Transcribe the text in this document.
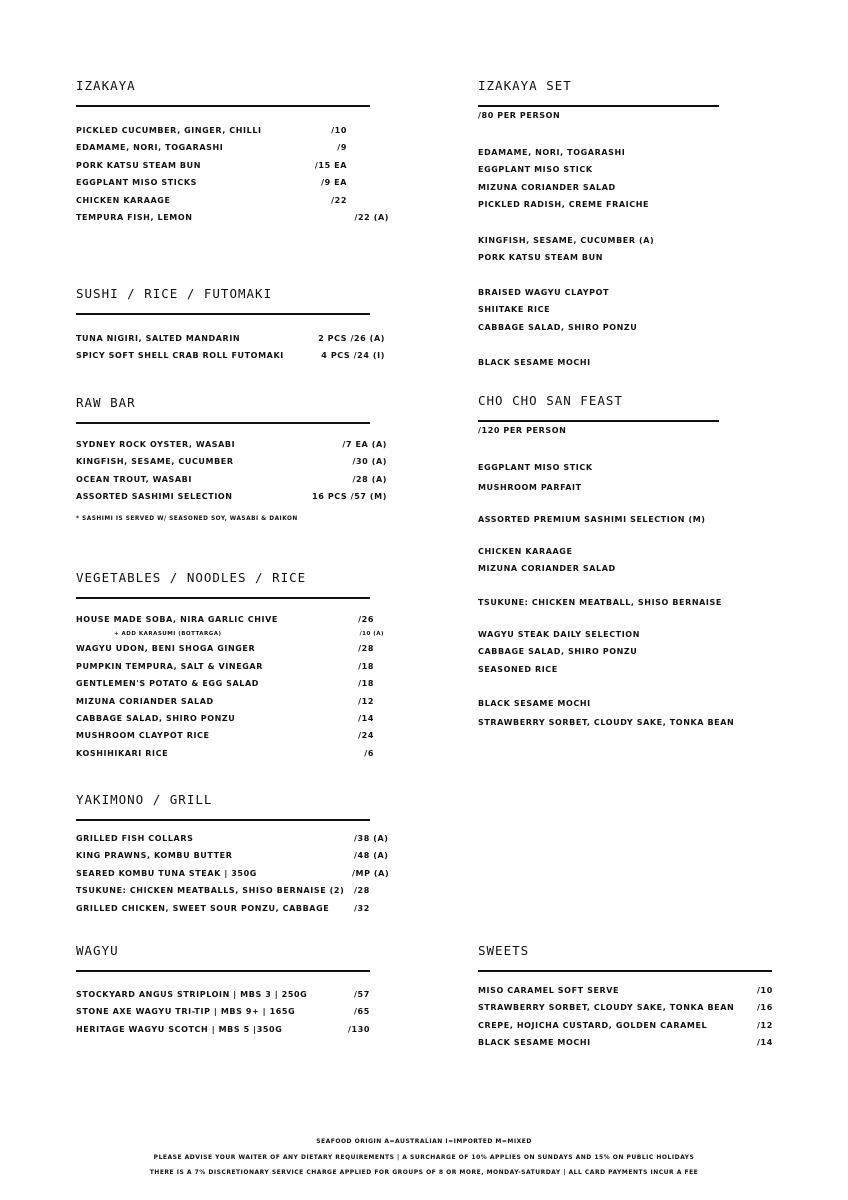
IZAKAYA
PICKLED CUCUMBER, GINGER, CHILLI	/10
EDAMAME, NORI, TOGARASHI	/9
PORK KATSU STEAM BUN	/15 EA
EGGPLANT MISO STICKS	/9 EA
CHICKEN KARAAGE	/22
TEMPURA FISH, LEMON	/22 (A)
SUSHI / RICE / FUTOMAKI
TUNA NIGIRI, SALTED MANDARIN	2 PCS /26 (A)
SPICY SOFT SHELL CRAB ROLL FUTOMAKI	4 PCS /24 (I)
RAW BAR
SYDNEY ROCK OYSTER, WASABI	/7 EA (A)
KINGFISH, SESAME, CUCUMBER	/30 (A)
OCEAN TROUT, WASABI	/28 (A)
ASSORTED SASHIMI SELECTION	16 PCS /57 (M)
* SASHIMI IS SERVED W/ SEASONED SOY, WASABI & DAIKON
VEGETABLES / NOODLES / RICE
HOUSE MADE SOBA, NIRA GARLIC CHIVE	/26
+ ADD KARASUMI (BOTTARGA)	/10 (A)
WAGYU UDON, BENI SHOGA GINGER	/28
PUMPKIN TEMPURA, SALT & VINEGAR	/18
GENTLEMEN'S POTATO & EGG SALAD	/18
MIZUNA CORIANDER SALAD	/12
CABBAGE SALAD, SHIRO PONZU	/14
MUSHROOM CLAYPOT RICE	/24
KOSHIHIKARI RICE	/6
YAKIMONO / GRILL
GRILLED FISH COLLARS	/38 (A)
KING PRAWNS, KOMBU BUTTER	/48 (A)
SEARED KOMBU TUNA STEAK | 350G	/MP (A)
TSUKUNE: CHICKEN MEATBALLS, SHISO BERNAISE (2) /28
GRILLED CHICKEN, SWEET SOUR PONZU, CABBAGE	/32
WAGYU
STOCKYARD ANGUS STRIPLOIN | MBS 3 | 250G	/57
STONE AXE WAGYU TRI-TIP | MBS 9+ | 165G	/65
HERITAGE WAGYU SCOTCH | MBS 5 |350G	/130
IZAKAYA SET
/80 PER PERSON
EDAMAME, NORI, TOGARASHI
EGGPLANT MISO STICK
MIZUNA CORIANDER SALAD
PICKLED RADISH, CREME FRAICHE
KINGFISH, SESAME, CUCUMBER (A)
PORK KATSU STEAM BUN
BRAISED WAGYU CLAYPOT
SHIITAKE RICE
CABBAGE SALAD, SHIRO PONZU
BLACK SESAME MOCHI
CHO CHO SAN FEAST
/120 PER PERSON
EGGPLANT MISO STICK
MUSHROOM PARFAIT
ASSORTED PREMIUM SASHIMI SELECTION (M)
CHICKEN KARAAGE
MIZUNA CORIANDER SALAD
TSUKUNE: CHICKEN MEATBALL, SHISO BERNAISE
WAGYU STEAK DAILY SELECTION
CABBAGE SALAD, SHIRO PONZU
SEASONED RICE
BLACK SESAME MOCHI
STRAWBERRY SORBET, CLOUDY SAKE, TONKA BEAN
SWEETS
MISO CARAMEL SOFT SERVE	/10
STRAWBERRY SORBET, CLOUDY SAKE, TONKA BEAN	/16
CREPE, HOJICHA CUSTARD, GOLDEN CARAMEL	/12
BLACK SESAME MOCHI	/14
SEAFOOD ORIGIN A=AUSTRALIAN I=IMPORTED M=MIXED
PLEASE ADVISE YOUR WAITER OF ANY DIETARY REQUIREMENTS | A SURCHARGE OF 10% APPLIES ON SUNDAYS AND 15% ON PUBLIC HOLIDAYS
THERE IS A 7% DISCRETIONARY SERVICE CHARGE APPLIED FOR GROUPS OF 8 OR MORE, MONDAY-SATURDAY | ALL CARD PAYMENTS INCUR A FEE
